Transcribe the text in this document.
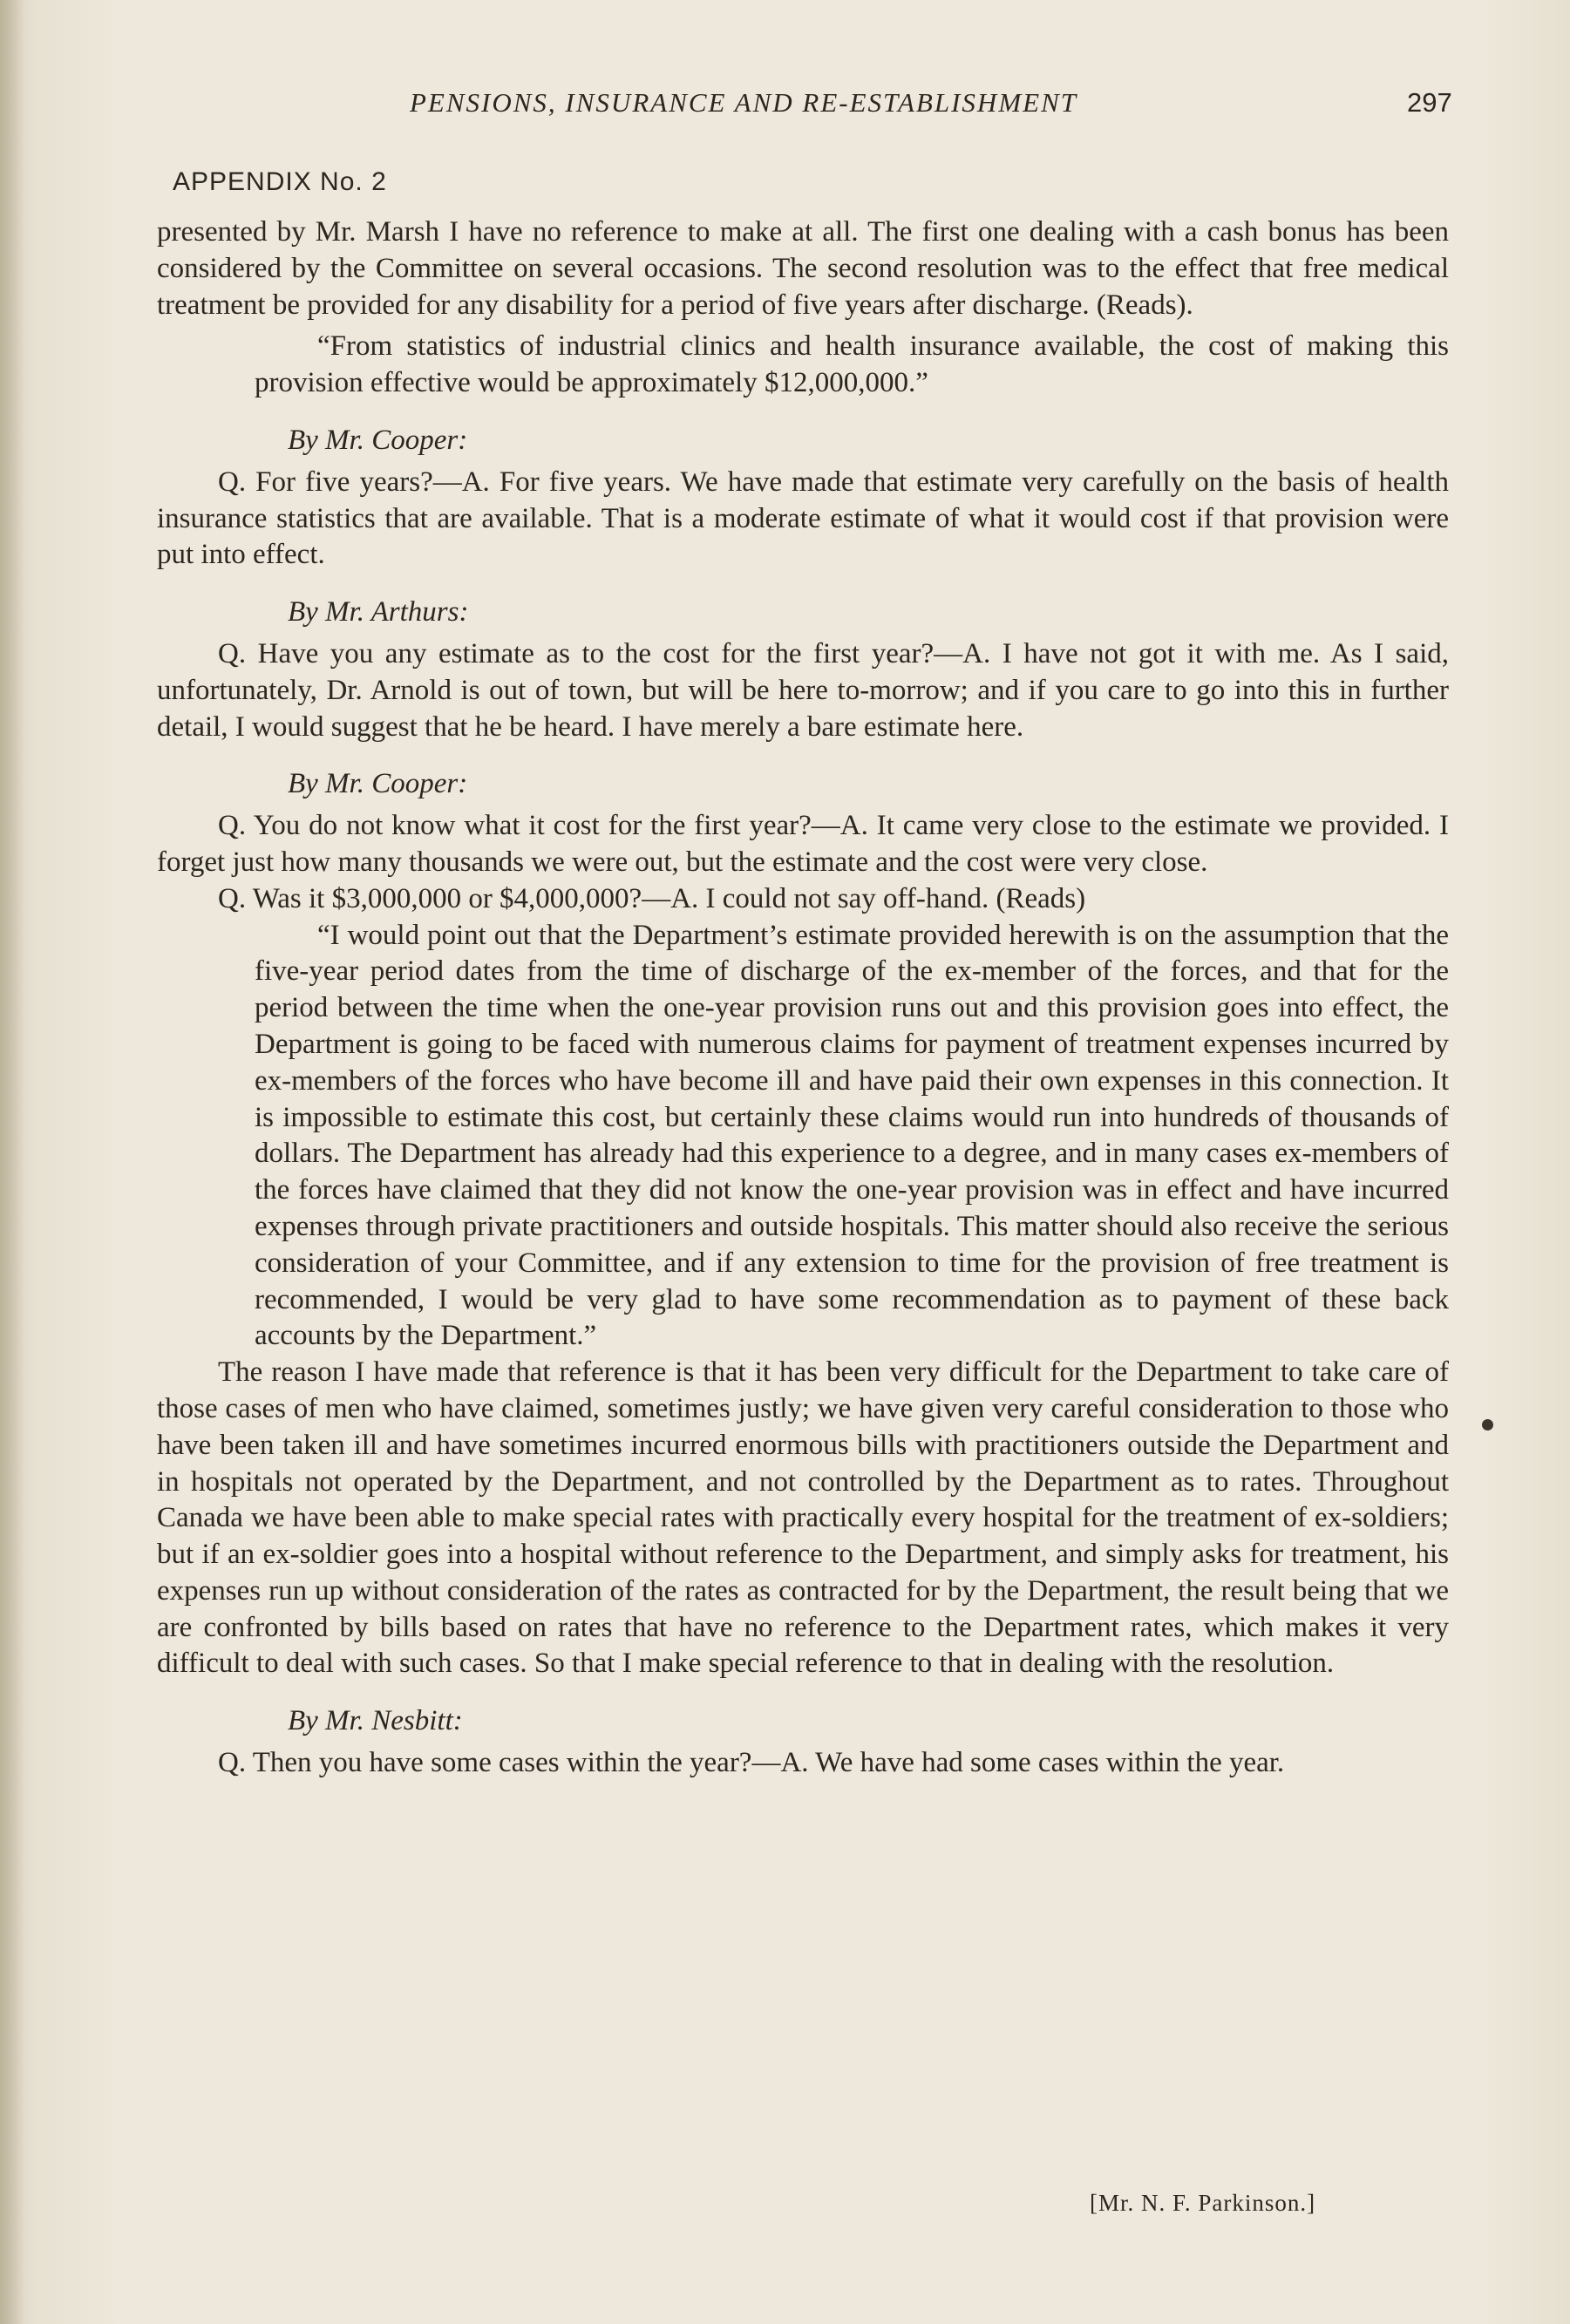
PENSIONS, INSURANCE AND RE-ESTABLISHMENT	297
APPENDIX No. 2

presented by Mr. Marsh I have no reference to make at all. The first one dealing with a cash bonus has been considered by the Committee on several occasions. The second resolution was to the effect that free medical treatment be provided for any disability for a period of five years after discharge. (Reads).

“From statistics of industrial clinics and health insurance available, the cost of making this provision effective would be approximately $12,000,000.”

By Mr. Cooper:

Q. For five years?—A. For five years. We have made that estimate very carefully on the basis of health insurance statistics that are available. That is a moderate estimate of what it would cost if that provision were put into effect.

By Mr. Arthurs:

Q. Have you any estimate as to the cost for the first year?—A. I have not got it with me. As I said, unfortunately, Dr. Arnold is out of town, but will be here to-morrow; and if you care to go into this in further detail, I would suggest that he be heard. I have merely a bare estimate here.

By Mr. Cooper:

Q. You do not know what it cost for the first year?—A. It came very close to the estimate we provided. I forget just how many thousands we were out, but the estimate and the cost were very close.

Q. Was it $3,000,000 or $4,000,000?—A. I could not say off-hand. (Reads)

“I would point out that the Department’s estimate provided herewith is on the assumption that the five-year period dates from the time of discharge of the ex-member of the forces, and that for the period between the time when the one-year provision runs out and this provision goes into effect, the Department is going to be faced with numerous claims for payment of treatment expenses incurred by ex-members of the forces who have become ill and have paid their own expenses in this connection. It is impossible to estimate this cost, but certainly these claims would run into hundreds of thousands of dollars. The Department has already had this experience to a degree, and in many cases ex-members of the forces have claimed that they did not know the one-year provision was in effect and have incurred expenses through private practitioners and outside hospitals. This matter should also receive the serious consideration of your Committee, and if any extension to time for the provision of free treatment is recommended, I would be very glad to have some recommendation as to payment of these back accounts by the Department.”

The reason I have made that reference is that it has been very difficult for the Department to take care of those cases of men who have claimed, sometimes justly; we have given very careful consideration to those who have been taken ill and have sometimes incurred enormous bills with practitioners outside the Department and in hospitals not operated by the Department, and not controlled by the Department as to rates. Throughout Canada we have been able to make special rates with practically every hospital for the treatment of ex-soldiers; but if an ex-soldier goes into a hospital without reference to the Department, and simply asks for treatment, his expenses run up without consideration of the rates as contracted for by the Department, the result being that we are confronted by bills based on rates that have no reference to the Department rates, which makes it very difficult to deal with such cases. So that I make special reference to that in dealing with the resolution.

By Mr. Nesbitt:

Q. Then you have some cases within the year?—A. We have had some cases within the year.

[Mr. N. F. Parkinson.]
